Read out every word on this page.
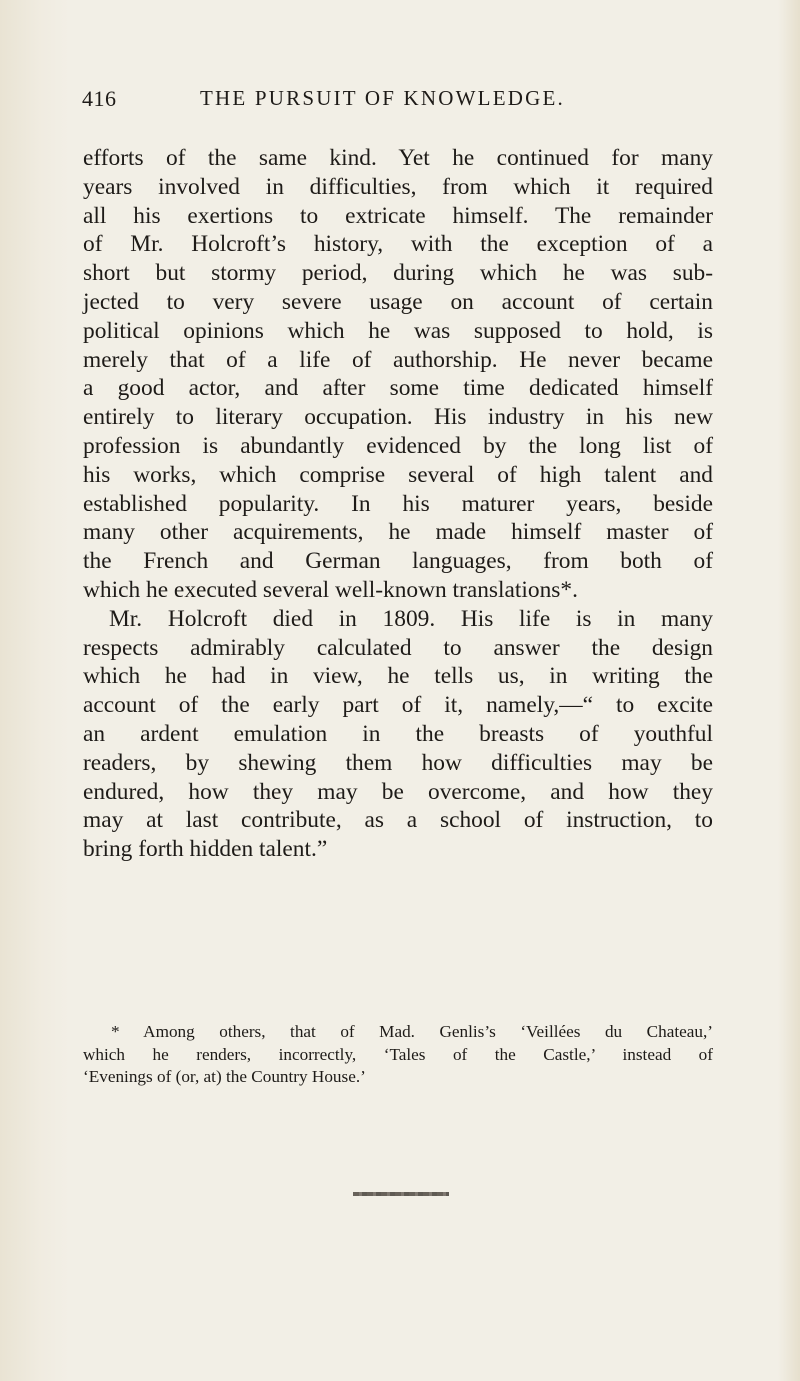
416	THE PURSUIT OF KNOWLEDGE.
efforts of the same kind. Yet he continued for many
years involved in difficulties, from which it required
all his exertions to extricate himself. The remainder
of Mr. Holcroft’s history, with the exception of a
short but stormy period, during which he was sub-
jected to very severe usage on account of certain
political opinions which he was supposed to hold, is
merely that of a life of authorship. He never became
a good actor, and after some time dedicated himself
entirely to literary occupation. His industry in his new
profession is abundantly evidenced by the long list of
his works, which comprise several of high talent and
established popularity. In his maturer years, beside
many other acquirements, he made himself master of
the French and German languages, from both of
which he executed several well-known translations*.
Mr. Holcroft died in 1809. His life is in many
respects admirably calculated to answer the design
which he had in view, he tells us, in writing the
account of the early part of it, namely,—“ to excite
an ardent emulation in the breasts of youthful
readers, by shewing them how difficulties may be
endured, how they may be overcome, and how they
may at last contribute, as a school of instruction, to
bring forth hidden talent.”
* Among others, that of Mad. Genlis’s ‘Veillées du Chateau,’
which he renders, incorrectly, ‘Tales of the Castle,’ instead of
‘Evenings of (or, at) the Country House.’
